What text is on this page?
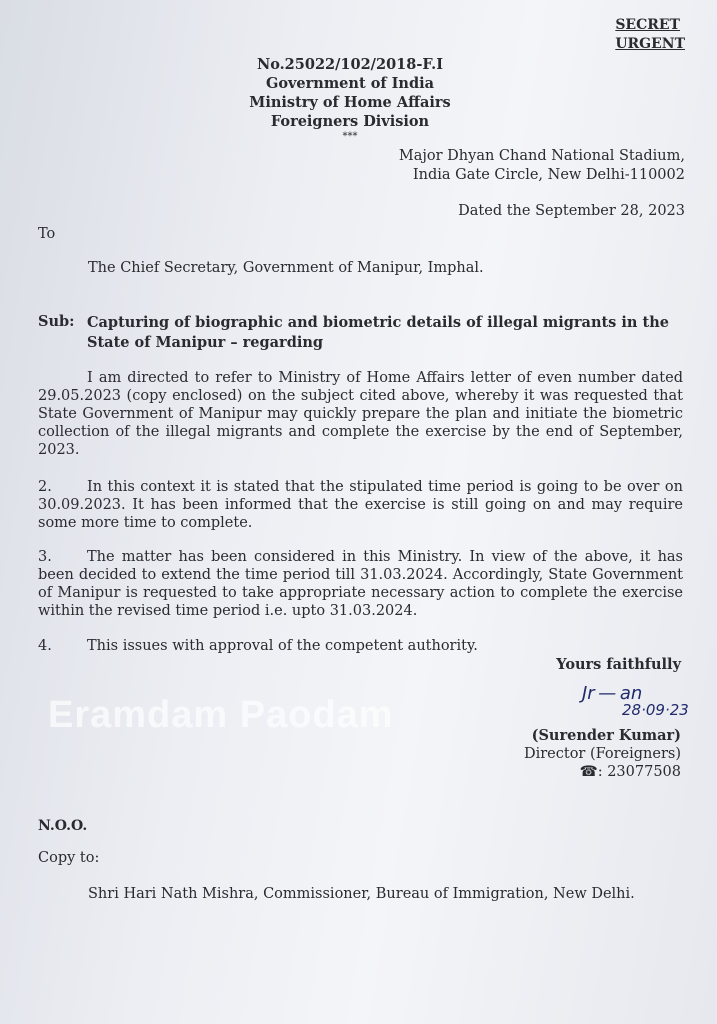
SECRET
URGENT
No.25022/102/2018-F.I
Government of India
Ministry of Home Affairs
Foreigners Division
***
Major Dhyan Chand National Stadium,
India Gate Circle, New Delhi-110002

Dated the September 28, 2023

To

The Chief Secretary, Government of Manipur, Imphal.

Sub: Capturing of biographic and biometric details of illegal migrants in the State of Manipur – regarding

I am directed to refer to Ministry of Home Affairs letter of even number dated 29.05.2023 (copy enclosed) on the subject cited above, whereby it was requested that State Government of Manipur may quickly prepare the plan and initiate the biometric collection of the illegal migrants and complete the exercise by the end of September, 2023.

2. In this context it is stated that the stipulated time period is going to be over on 30.09.2023. It has been informed that the exercise is still going on and may require some more time to complete.

3. The matter has been considered in this Ministry. In view of the above, it has been decided to extend the time period till 31.03.2024. Accordingly, State Government of Manipur is requested to take appropriate necessary action to complete the exercise within the revised time period i.e. upto 31.03.2024.

4. This issues with approval of the competent authority.

Yours faithfully

Jr — an
28·09·23

Eramdam Paodam	(Surender Kumar)
Director (Foreigners)
☎: 23077508

N.O.O.

Copy to:

Shri Hari Nath Mishra, Commissioner, Bureau of Immigration, New Delhi.
